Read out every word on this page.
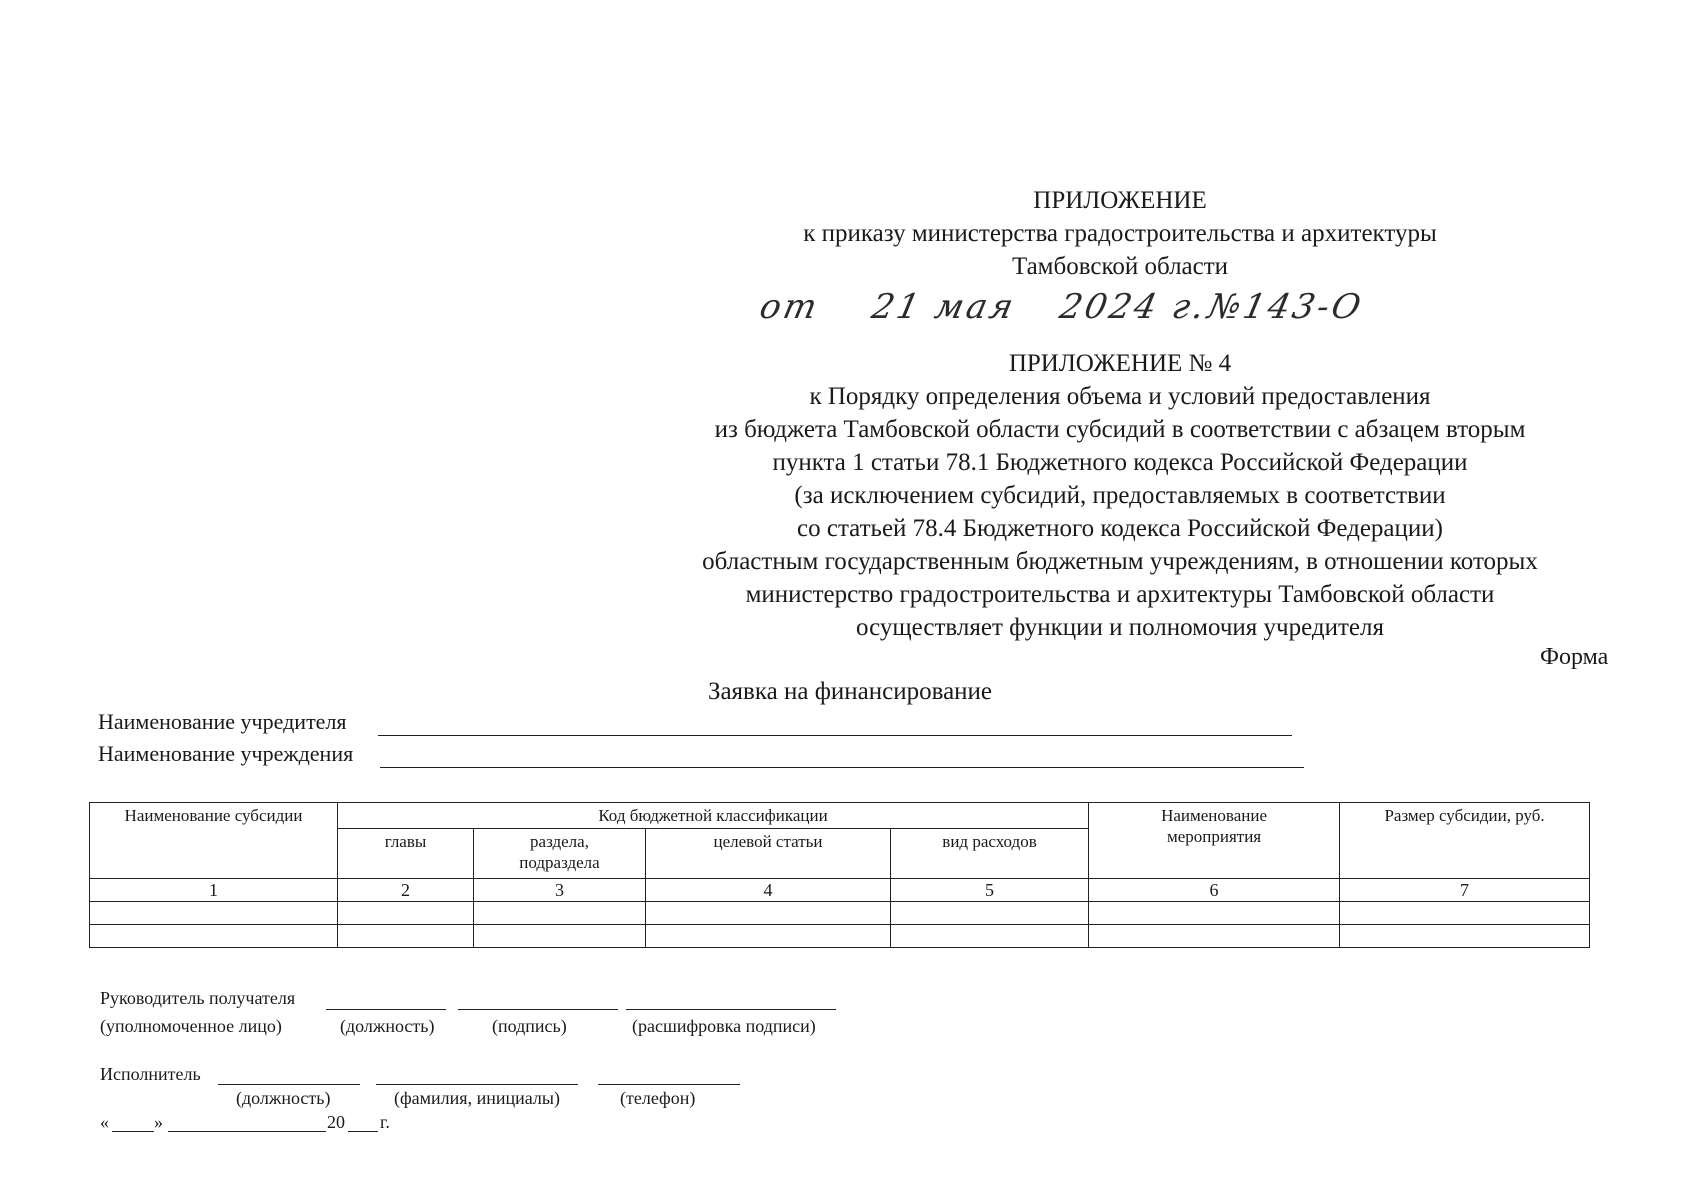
ПРИЛОЖЕНИЕ
к приказу министерства градостроительства и архитектуры
Тамбовской области
от 21 мая 2024 г.
№143-О
ПРИЛОЖЕНИЕ № 4
к Порядку определения объема и условий предоставления
из бюджета Тамбовской области субсидий в соответствии с абзацем вторым
пункта 1 статьи 78.1 Бюджетного кодекса Российской Федерации
(за исключением субсидий, предоставляемых в соответствии
со статьей 78.4 Бюджетного кодекса Российской Федерации)
областным государственным бюджетным учреждениям, в отношении которых
министерство градостроительства и архитектуры Тамбовской области
осуществляет функции и полномочия учредителя
Форма
Заявка на финансирование
Наименование учредителя
Наименование учреждения
Наименование субсидии	Код бюджетной классификации				Наименование мероприятия	Размер субсидии, руб.
	главы	раздела, подраздела	целевой статьи	вид расходов		
1	2	3	4	5	6	7

Руководитель получателя
(уполномоченное лицо)	(должность)	(подпись)	(расшифровка подписи)
Исполнитель
(должность)	(фамилия, инициалы)	(телефон)
«	»	20 г.
